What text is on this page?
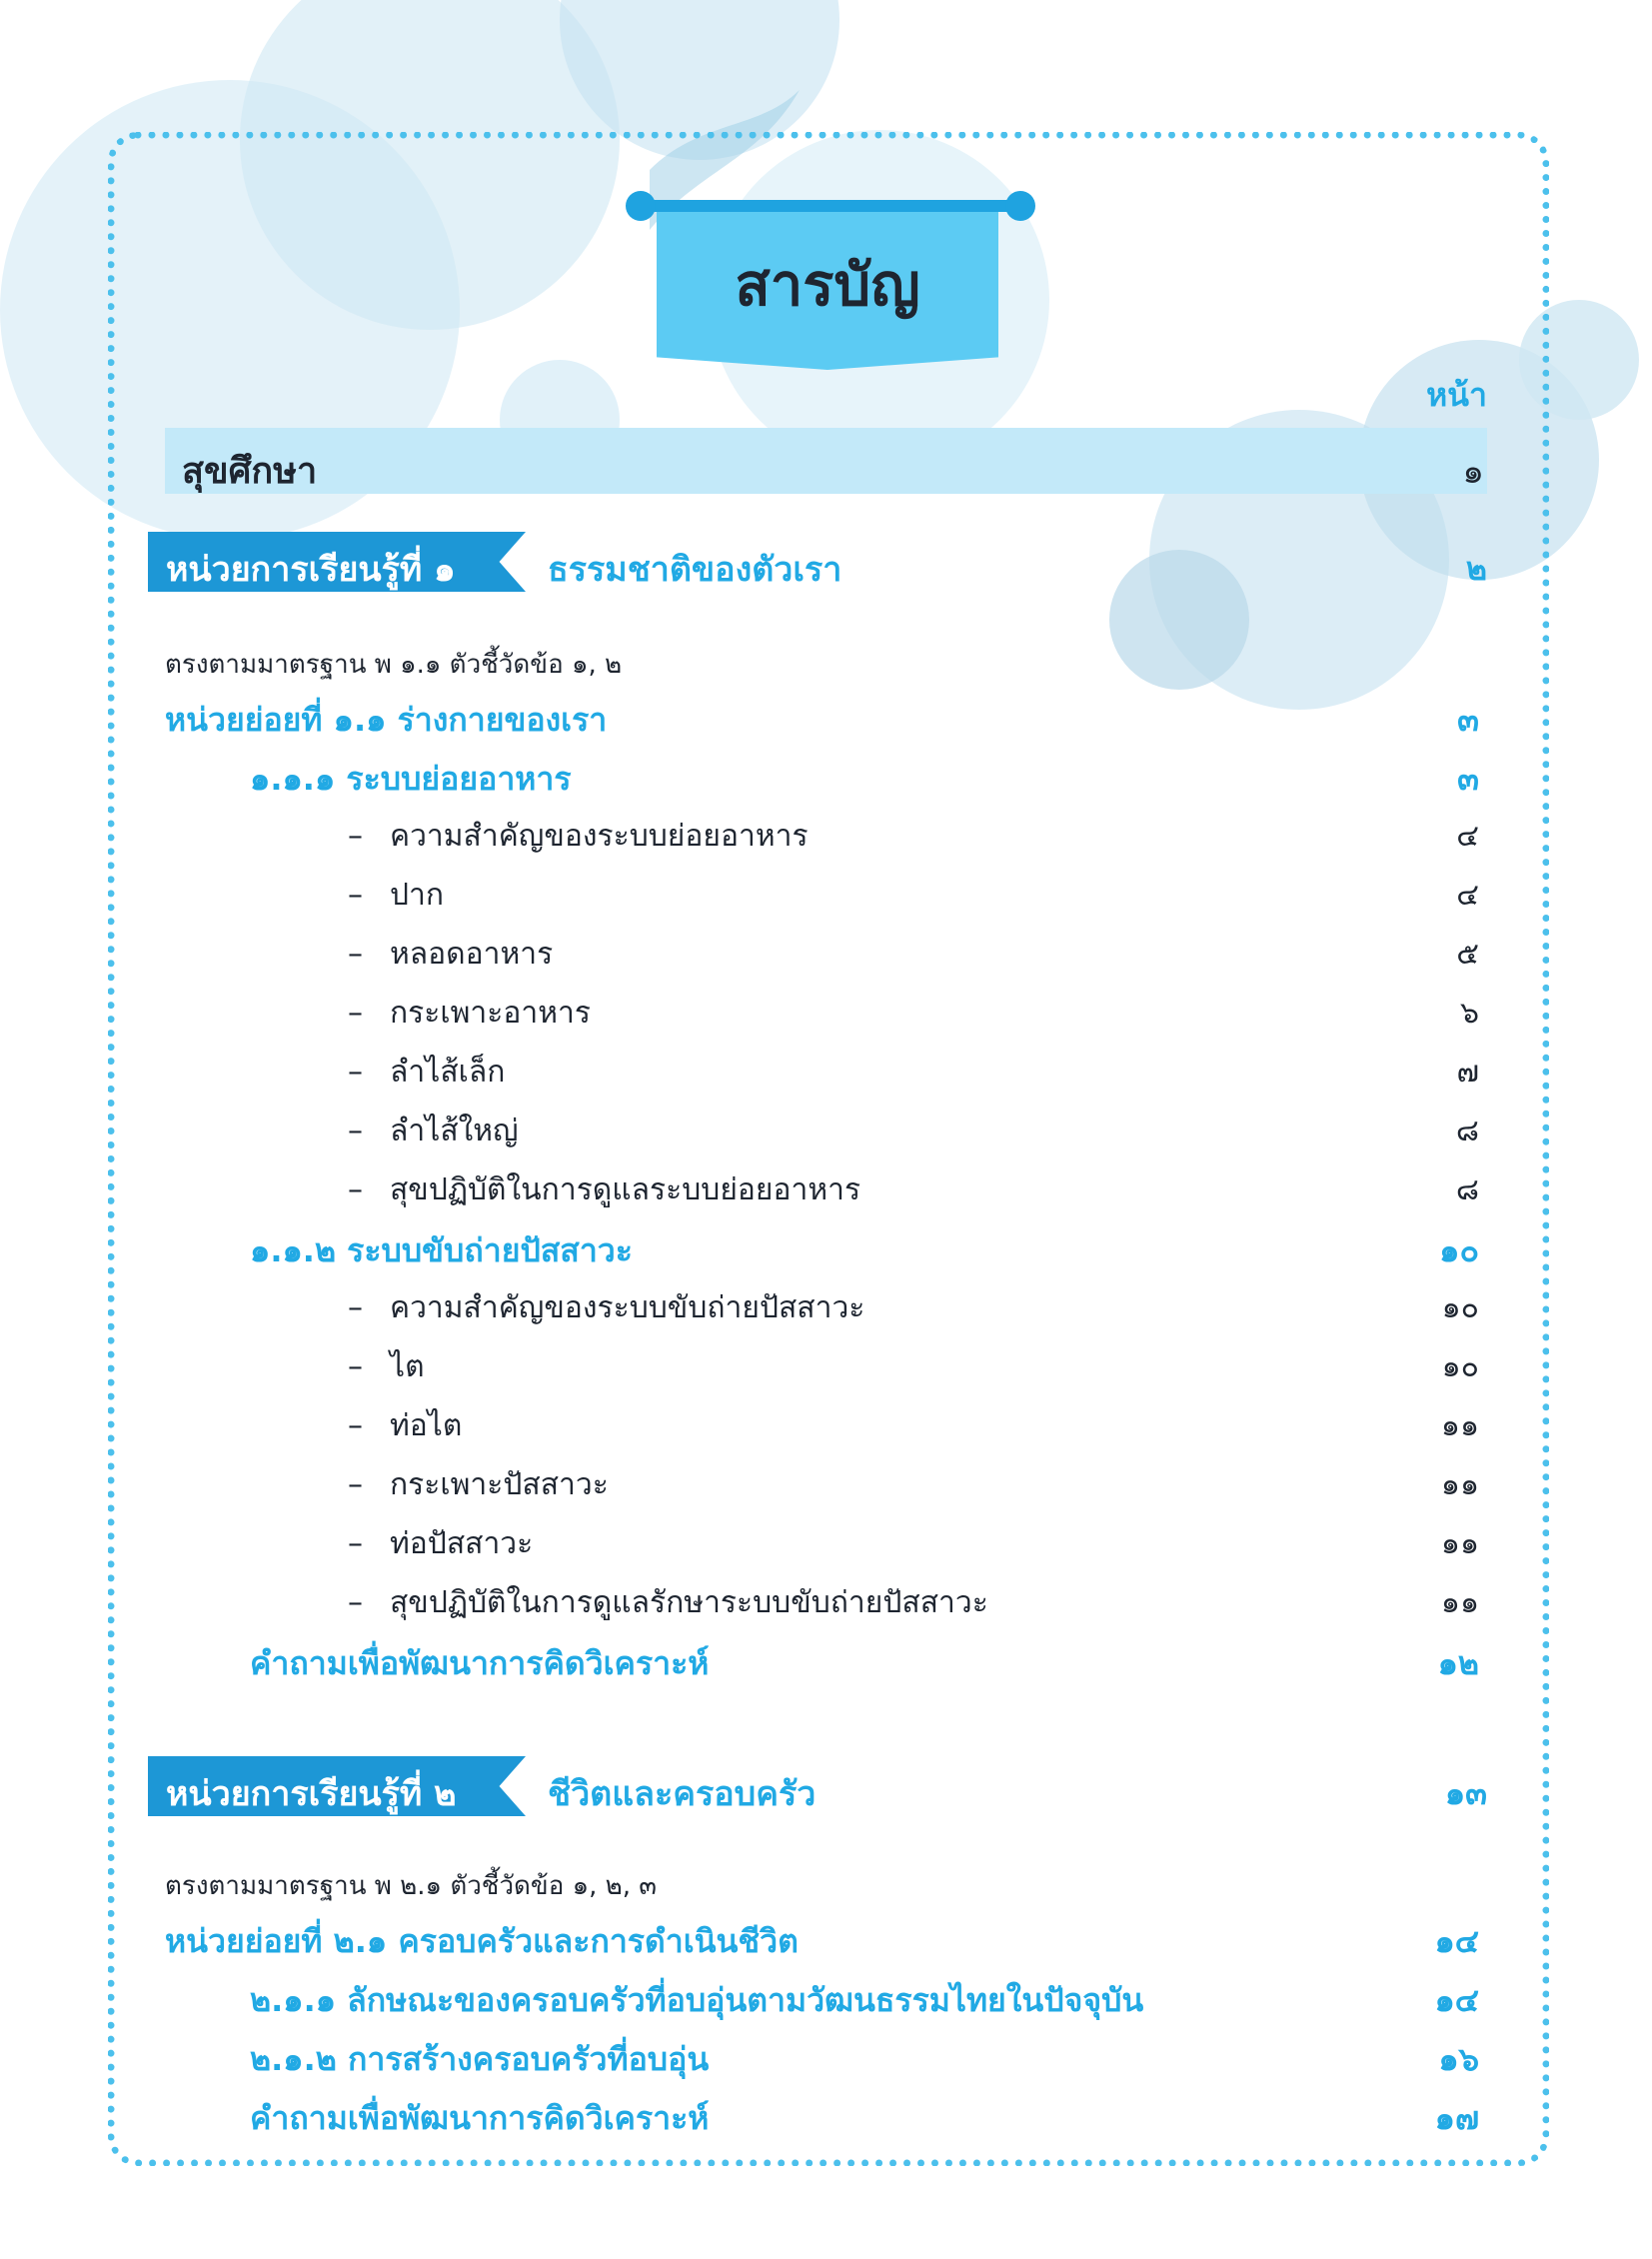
สารบัญ
หน้า
สุขศึกษา	๑
หน่วยการเรียนรู้ที่ ๑	ธรรมชาติของตัวเรา	๒
ตรงตามมาตรฐาน พ ๑.๑ ตัวชี้วัดข้อ ๑, ๒
หน่วยย่อยที่ ๑.๑ ร่างกายของเรา	๓
๑.๑.๑ ระบบย่อยอาหาร	๓
– ความสำคัญของระบบย่อยอาหาร	๔
– ปาก	๔
– หลอดอาหาร	๕
– กระเพาะอาหาร	๖
– ลำไส้เล็ก	๗
– ลำไส้ใหญ่	๘
– สุขปฏิบัติในการดูแลระบบย่อยอาหาร	๘
๑.๑.๒ ระบบขับถ่ายปัสสาวะ	๑๐
– ความสำคัญของระบบขับถ่ายปัสสาวะ	๑๐
– ไต	๑๐
– ท่อไต	๑๑
– กระเพาะปัสสาวะ	๑๑
– ท่อปัสสาวะ	๑๑
– สุขปฏิบัติในการดูแลรักษาระบบขับถ่ายปัสสาวะ	๑๑
คำถามเพื่อพัฒนาการคิดวิเคราะห์	๑๒
หน่วยการเรียนรู้ที่ ๒	ชีวิตและครอบครัว	๑๓
ตรงตามมาตรฐาน พ ๒.๑ ตัวชี้วัดข้อ ๑, ๒, ๓
หน่วยย่อยที่ ๒.๑ ครอบครัวและการดำเนินชีวิต	๑๔
๒.๑.๑ ลักษณะของครอบครัวที่อบอุ่นตามวัฒนธรรมไทยในปัจจุบัน	๑๔
๒.๑.๒ การสร้างครอบครัวที่อบอุ่น	๑๖
คำถามเพื่อพัฒนาการคิดวิเคราะห์	๑๗
